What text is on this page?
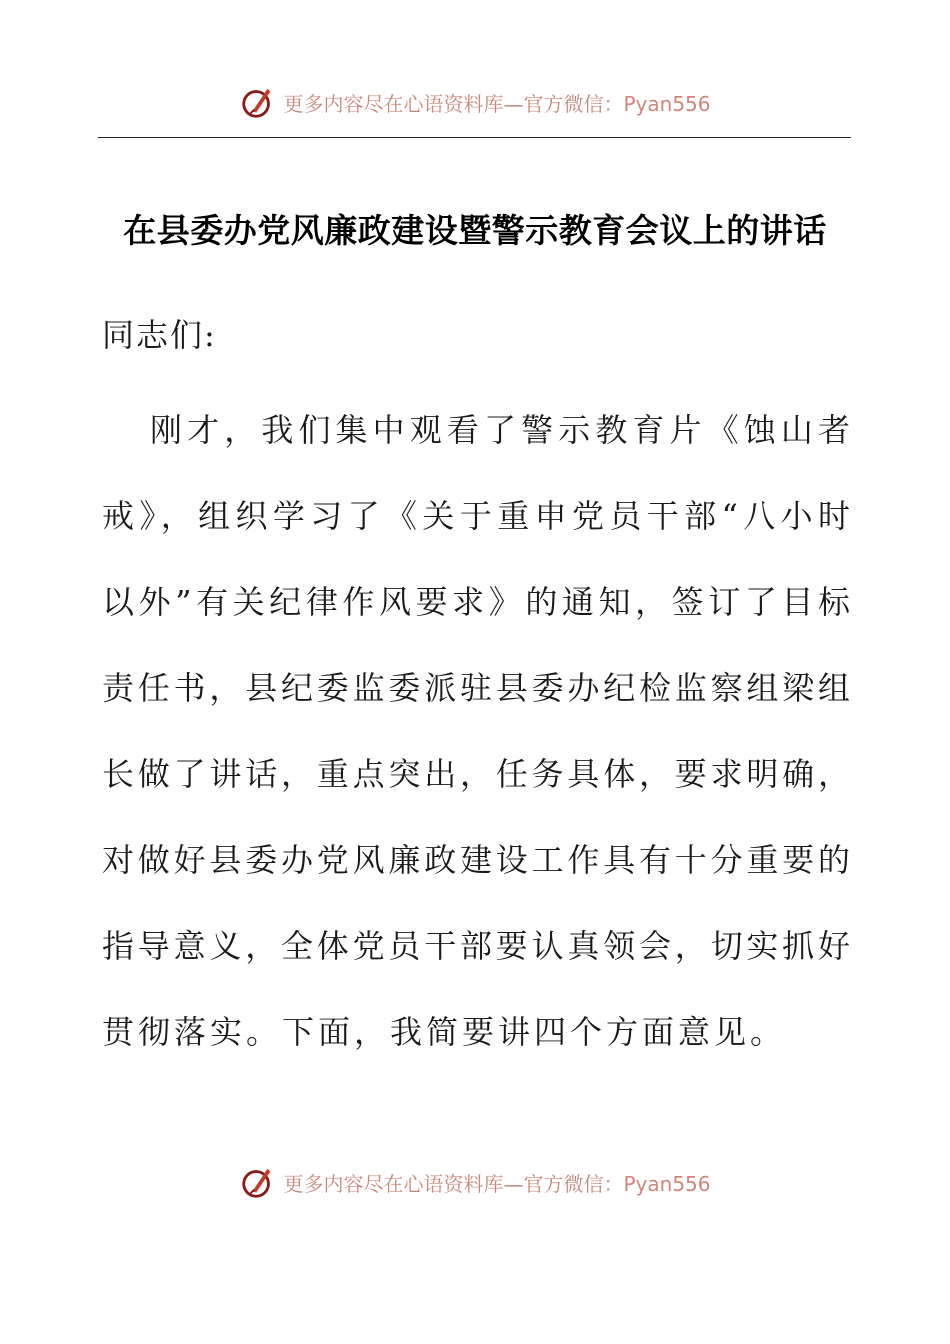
更多内容尽在心语资料库—官方微信：Pyan556
在县委办党风廉政建设暨警示教育会议上的讲话

同志们:

刚才，我们集中观看了警示教育片《蚀山者
戒》，组织学习了《关于重申党员干部“八小时
以外”有关纪律作风要求》的通知，签订了目标
责任书，县纪委监委派驻县委办纪检监察组梁组
长做了讲话，重点突出，任务具体，要求明确，
对做好县委办党风廉政建设工作具有十分重要的
指导意义，全体党员干部要认真领会，切实抓好
贯彻落实。下面，我简要讲四个方面意见。
更多内容尽在心语资料库—官方微信：Pyan556
